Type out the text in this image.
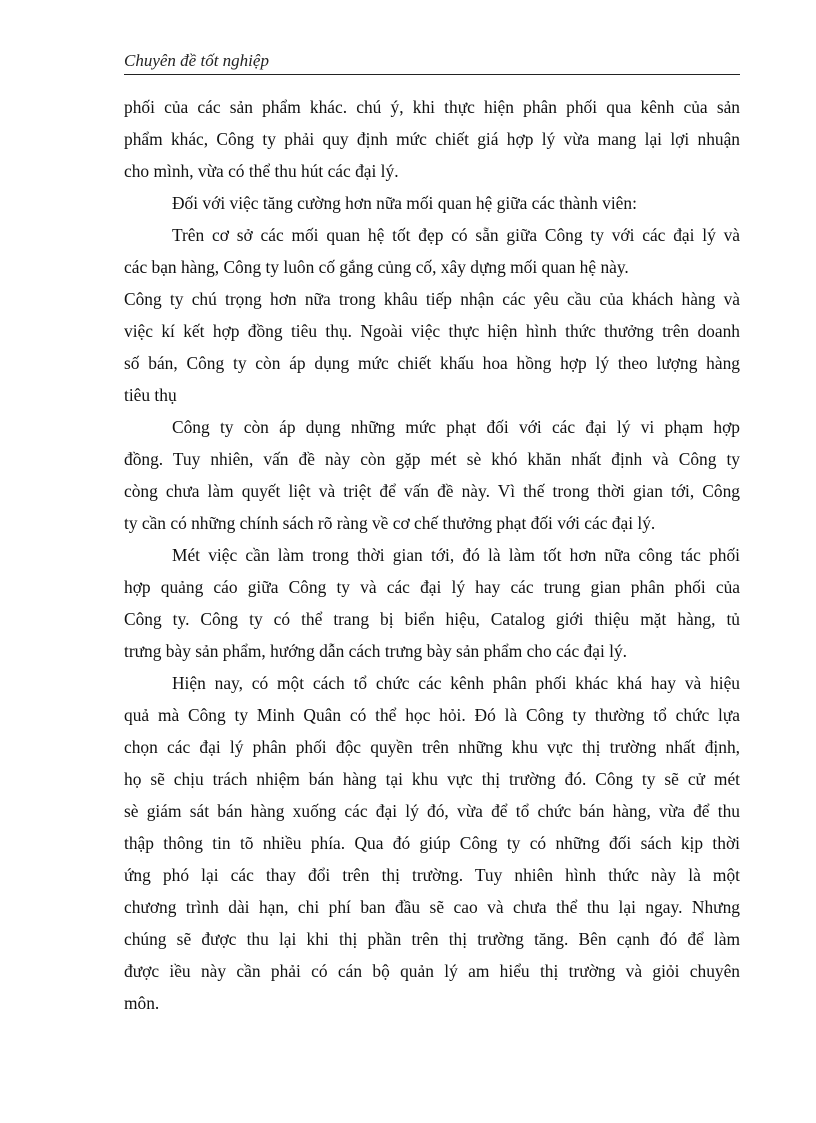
Chuyên đề tốt nghiệp
phối của các sản phẩm khác. chú ý, khi thực hiện phân phối qua kênh của sản
phẩm khác, Công ty phải quy định mức chiết giá hợp lý vừa mang lại lợi nhuận
cho mình, vừa có thể thu hút các đại lý.
Đối với việc tăng cường hơn nữa mối quan hệ giữa các thành viên:
Trên cơ sở các mối quan hệ tốt đẹp có sẵn giữa Công ty với các đại lý và
các bạn hàng, Công ty luôn cố gắng củng cố, xây dựng mối quan hệ này.
Công ty chú trọng hơn nữa trong khâu tiếp nhận các yêu cầu của khách hàng và
việc kí kết hợp đồng tiêu thụ. Ngoài việc thực hiện hình thức thưởng trên doanh
số bán, Công ty còn áp dụng mức chiết khấu hoa hồng hợp lý theo lượng hàng
tiêu thụ
Công ty còn áp dụng những mức phạt đối với các đại lý vi phạm hợp
đồng. Tuy nhiên, vấn đề này còn gặp mét sè khó khăn nhất định và Công ty
còng chưa làm quyết liệt và triệt để vấn đề này. Vì thế trong thời gian tới, Công
ty cần có những chính sách rõ ràng về cơ chế thưởng phạt đối với các đại lý.
Mét việc cần làm trong thời gian tới, đó là làm tốt hơn nữa công tác phối
hợp quảng cáo giữa Công ty và các đại lý hay các trung gian phân phối của
Công ty. Công ty có thể trang bị biển hiệu, Catalog giới thiệu mặt hàng, tủ
trưng bày sản phẩm, hướng dẫn cách trưng bày sản phẩm cho các đại lý.
Hiện nay, có một cách tổ chức các kênh phân phối khác khá hay và hiệu
quả mà Công ty Minh Quân có thể học hỏi. Đó là Công ty thường tổ chức lựa
chọn các đại lý phân phối độc quyền trên những khu vực thị trường nhất định,
họ sẽ chịu trách nhiệm bán hàng tại khu vực thị trường đó. Công ty sẽ cử mét
sè giám sát bán hàng xuống các đại lý đó, vừa để tổ chức bán hàng, vừa để thu
thập thông tin tõ nhiều phía. Qua đó giúp Công ty có những đối sách kịp thời
ứng phó lại các thay đổi trên thị trường. Tuy nhiên hình thức này là một
chương trình dài hạn, chi phí ban đầu sẽ cao và chưa thể thu lại ngay. Nhưng
chúng sẽ được thu lại khi thị phần trên thị trường tăng. Bên cạnh đó để làm
được iều này cần phải có cán bộ quản lý am hiểu thị trường và giỏi chuyên
môn.
